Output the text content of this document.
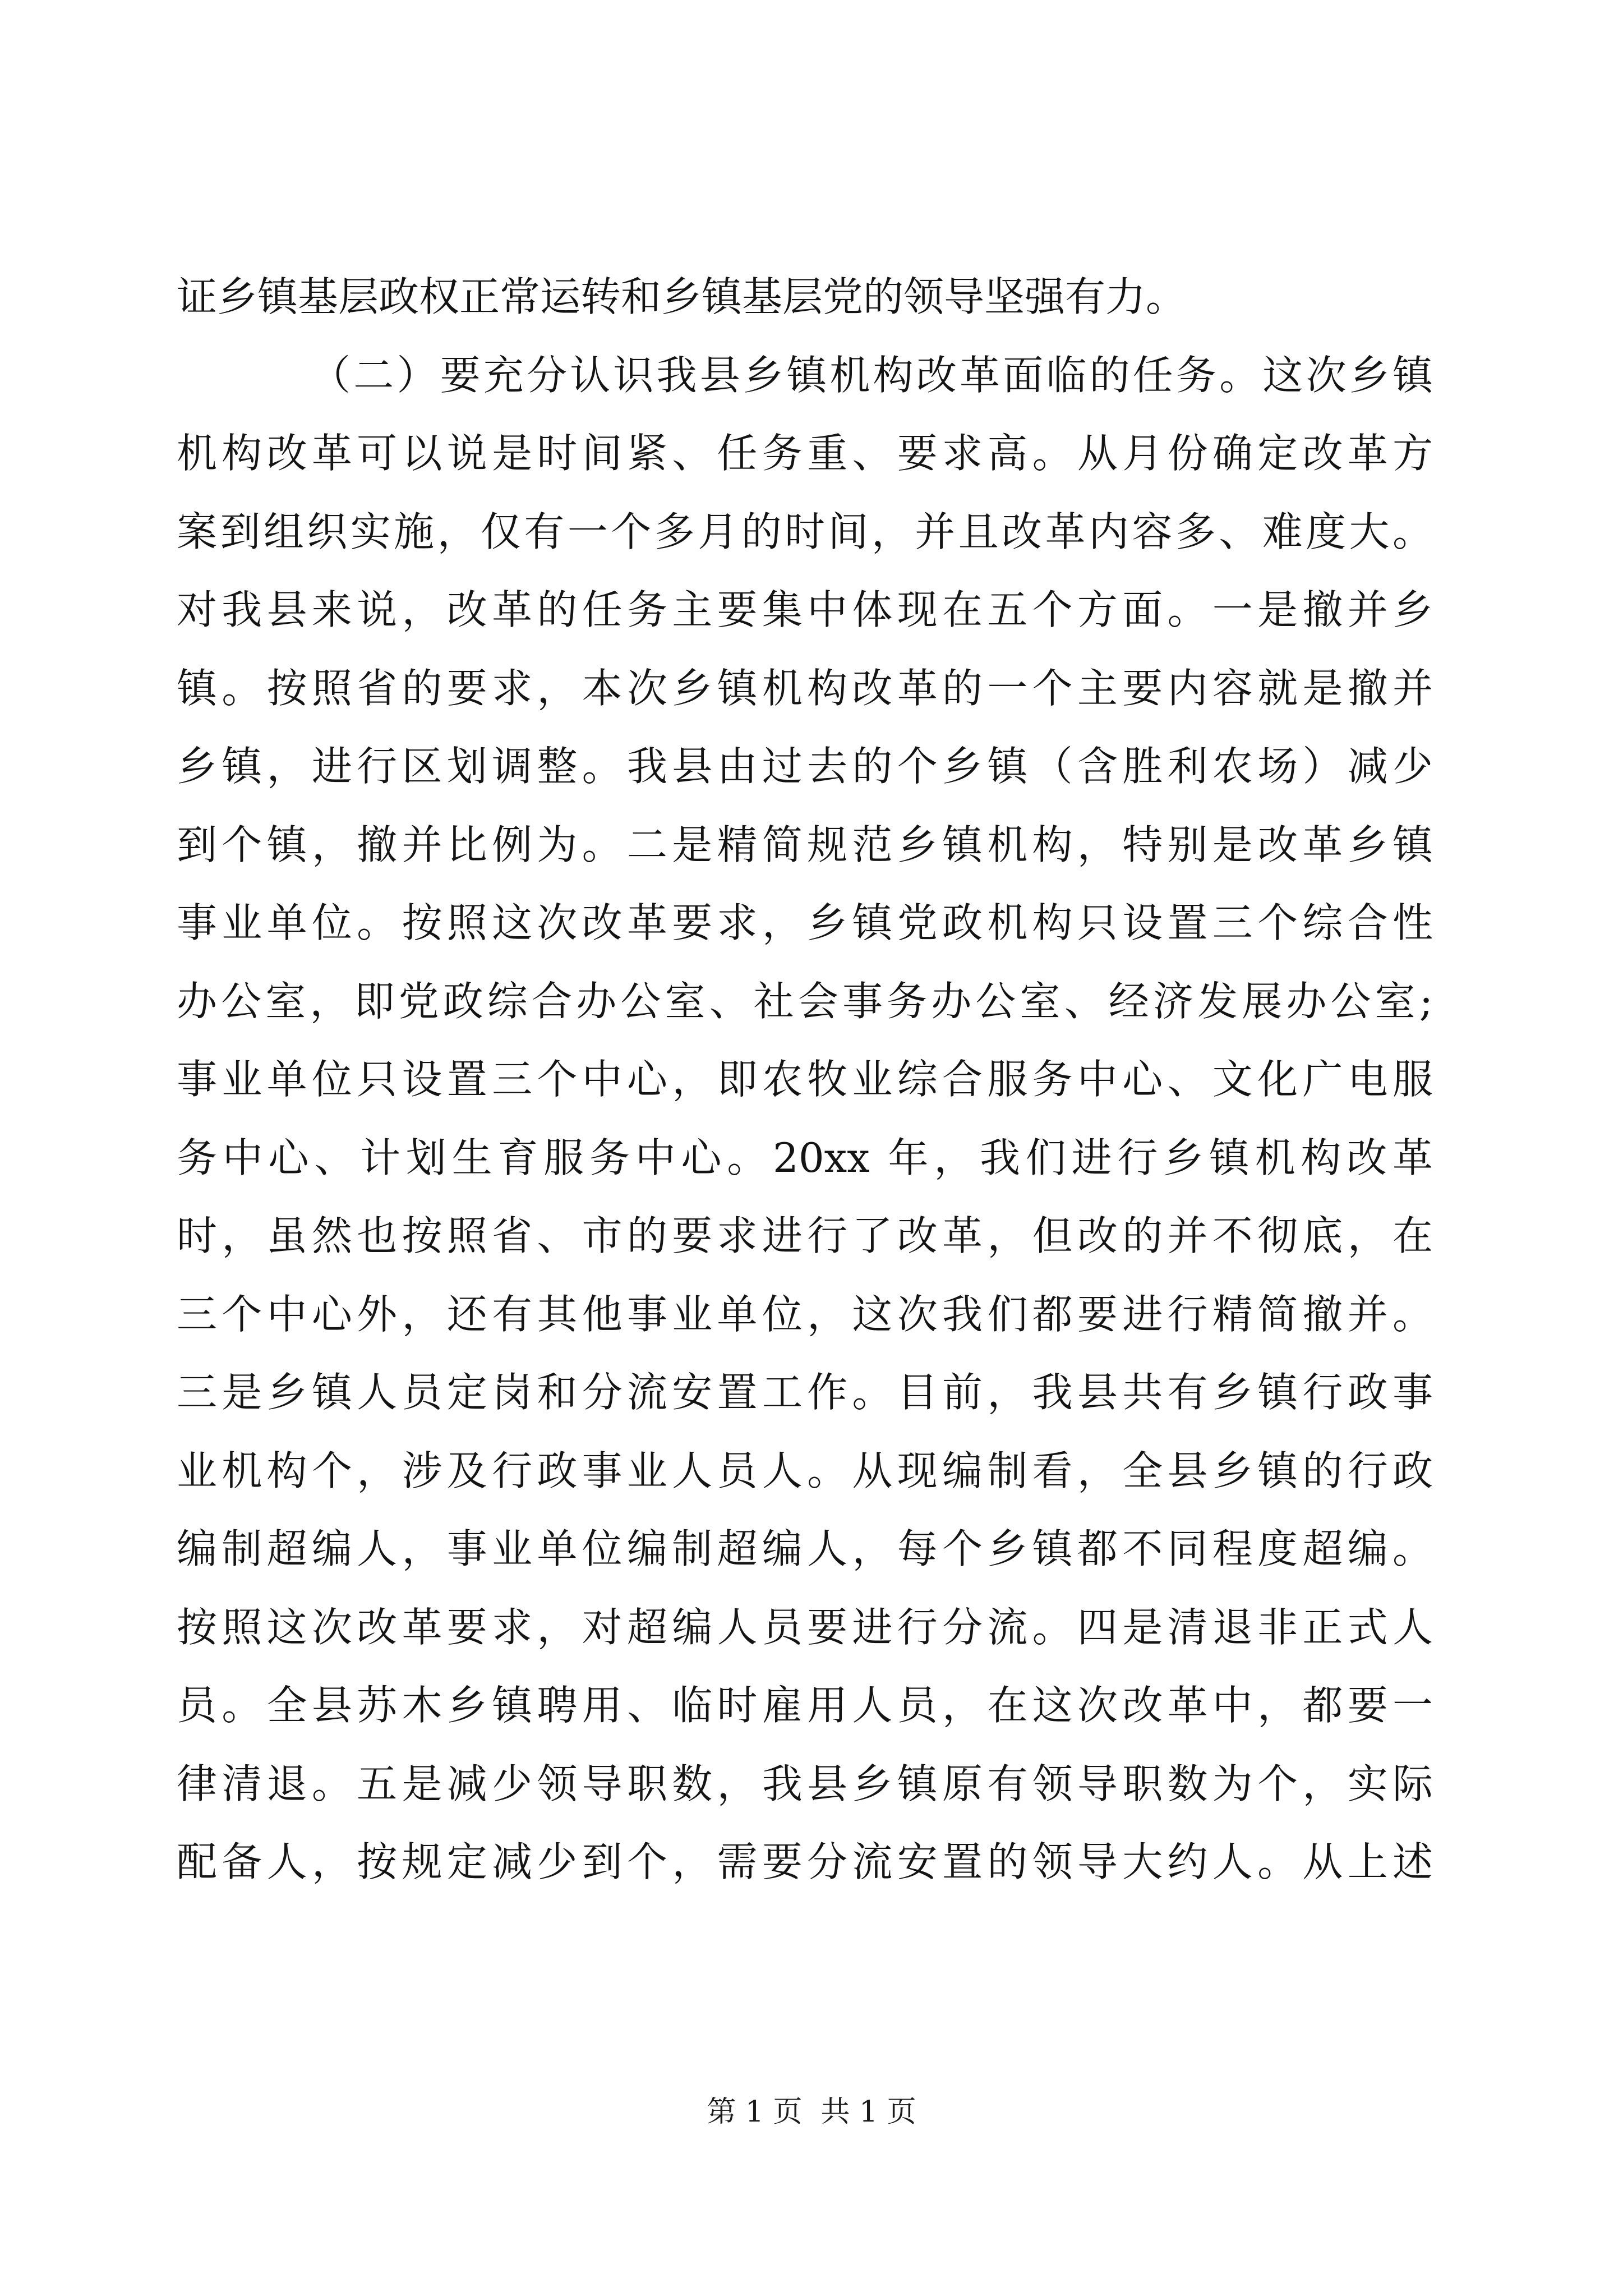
证乡镇基层政权正常运转和乡镇基层党的领导坚强有力。
（二）要充分认识我县乡镇机构改革面临的任务。这次乡镇
机构改革可以说是时间紧、任务重、要求高。从月份确定改革方
案到组织实施，仅有一个多月的时间，并且改革内容多、难度大。
对我县来说，改革的任务主要集中体现在五个方面。一是撤并乡
镇。按照省的要求，本次乡镇机构改革的一个主要内容就是撤并
乡镇，进行区划调整。我县由过去的个乡镇（含胜利农场）减少
到个镇，撤并比例为。二是精简规范乡镇机构，特别是改革乡镇
事业单位。按照这次改革要求，乡镇党政机构只设置三个综合性
办公室，即党政综合办公室、社会事务办公室、经济发展办公室;
事业单位只设置三个中心，即农牧业综合服务中心、文化广电服
务中心、计划生育服务中心。20xx 年，我们进行乡镇机构改革
时，虽然也按照省、市的要求进行了改革，但改的并不彻底，在
三个中心外，还有其他事业单位，这次我们都要进行精简撤并。
三是乡镇人员定岗和分流安置工作。目前，我县共有乡镇行政事
业机构个，涉及行政事业人员人。从现编制看，全县乡镇的行政
编制超编人，事业单位编制超编人，每个乡镇都不同程度超编。
按照这次改革要求，对超编人员要进行分流。四是清退非正式人
员。全县苏木乡镇聘用、临时雇用人员，在这次改革中，都要一
律清退。五是减少领导职数，我县乡镇原有领导职数为个，实际
配备人，按规定减少到个，需要分流安置的领导大约人。从上述
第 1 页  共 1 页
